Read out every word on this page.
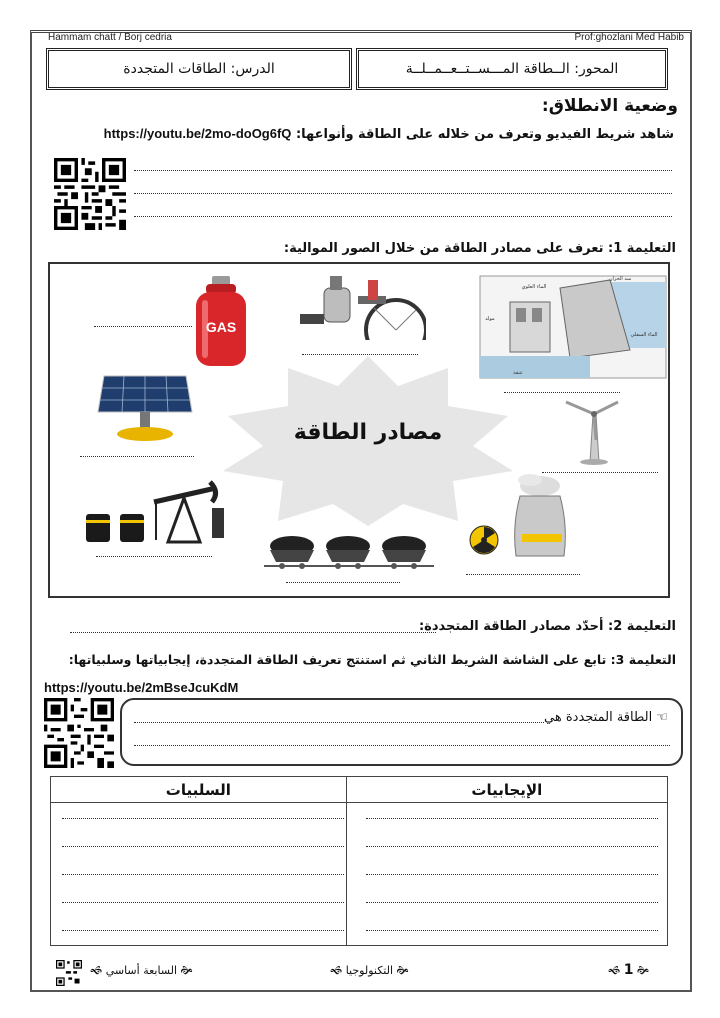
Hammam chatt / Borj cedria	Prof:ghozlani Med Habib
المحور: الــطاقة المـــســتــعــمــلــة
الدرس: الطاقات المتجددة
وضعية الانطلاق:
شاهد شريط الفيديو وتعرف من خلاله على الطاقة وأنواعها: https://youtu.be/2mo-doOg6fQ
التعليمة 1: تعرف على مصادر الطاقة من خلال الصور الموالية:
مصادر الطاقة
GAS
سد الخزان
الماء العلوي
مولد
الماء السفلي
عنفة
التعليمة 2: أحدّد مصادر الطاقة المتجددة:
التعليمة 3: تابع على الشاشة الشريط الثاني ثم استنتج تعريف الطاقة المتجددة، إيجابياتها وسلبياتها:
https://youtu.be/2mBseJcuKdM
☜ الطاقة المتجددة هي
السلبيات	الإيجابيات

🙞 السابعة أساسي 🙜	🙞 التكنولوجيا 🙜	🙞 1 🙜
